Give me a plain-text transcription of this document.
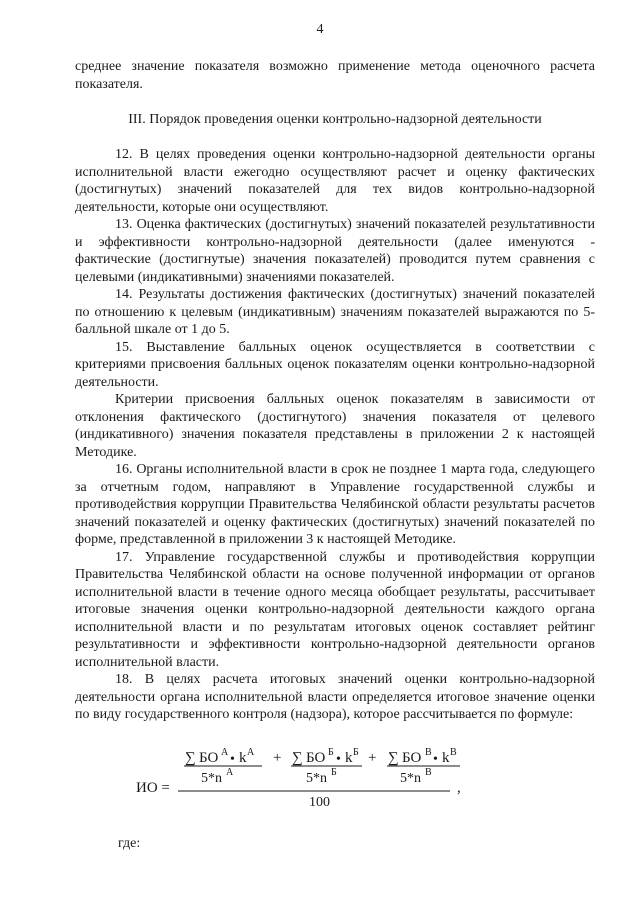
4

среднее значение показателя возможно применение метода оценочного расчета показателя.

III. Порядок проведения оценки контрольно-надзорной деятельности

12. В целях проведения оценки контрольно-надзорной деятельности органы исполнительной власти ежегодно осуществляют расчет и оценку фактических (достигнутых) значений показателей для тех видов контрольно-надзорной деятельности, которые они осуществляют.

13. Оценка фактических (достигнутых) значений показателей результативности и эффективности контрольно-надзорной деятельности (далее именуются - фактические (достигнутые) значения показателей) проводится путем сравнения с целевыми (индикативными) значениями показателей.

14. Результаты достижения фактических (достигнутых) значений показателей по отношению к целевым (индикативным) значениям показателей выражаются по 5-балльной шкале от 1 до 5.

15. Выставление балльных оценок осуществляется в соответствии с критериями присвоения балльных оценок показателям оценки контрольно-надзорной деятельности.

Критерии присвоения балльных оценок показателям в зависимости от отклонения фактического (достигнутого) значения показателя от целевого (индикативного) значения показателя представлены в приложении 2 к настоящей Методике.

16. Органы исполнительной власти в срок не позднее 1 марта года, следующего за отчетным годом, направляют в Управление государственной службы и противодействия коррупции Правительства Челябинской области результаты расчетов значений показателей и оценку фактических (достигнутых) значений показателей по форме, представленной в приложении 3 к настоящей Методике.

17. Управление государственной службы и противодействия коррупции Правительства Челябинской области на основе полученной информации от органов исполнительной власти в течение одного месяца обобщает результаты, рассчитывает итоговые значения оценки контрольно-надзорной деятельности каждого органа исполнительной власти и по результатам итоговых оценок составляет рейтинг результативности и эффективности контрольно-надзорной деятельности органов исполнительной власти.

18. В целях расчета итоговых значений оценки контрольно-надзорной деятельности органа исполнительной власти определяется итоговое значение оценки по виду государственного контроля (надзора), которое рассчитывается по формуле:

∑ БО А • k А
5*n А
+ ∑ БО Б • k Б
5*n Б
+ ∑ БО В • k В
5*n В
ИО =	,
100
где:
